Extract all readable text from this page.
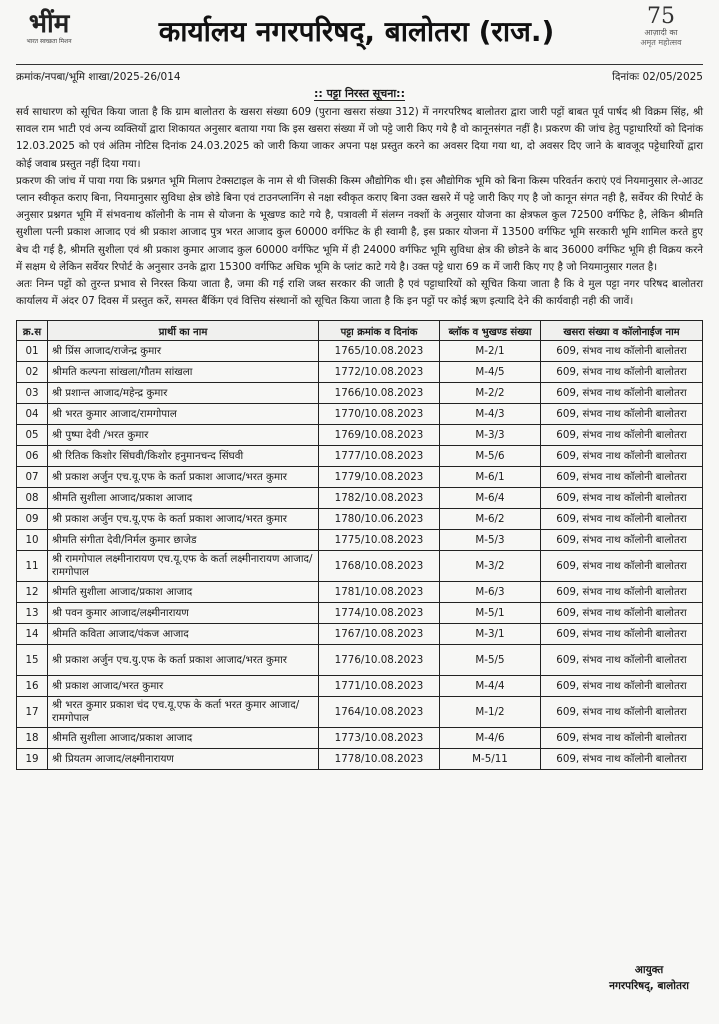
भींम
भारत स्वच्छता मिशन	कार्यालय नगरपरिषद्, बालोतरा (राज.)	75
आज़ादी का
अमृत महोत्सव
क्रमांक/नपबा/भूमि शाखा/2025-26/014	दिनांकः 02/05/2025
:: पट्टा निरस्त सूचना::

सर्व साधारण को सूचित किया जाता है कि ग्राम बालोतरा के खसरा संख्या 609 (पुराना खसरा संख्या 312) में नगरपरिषद बालोतरा द्वारा जारी पट्टों बाबत पूर्व पार्षद श्री विक्रम सिंह, श्री सावल राम भाटी एवं अन्य व्यक्तियों द्वारा शिकायत अनुसार बताया गया कि इस खसरा संख्या में जो पट्टे जारी किए गये है वो कानूनसंगत नहीं है। प्रकरण की जांच हेतु पट्टाधारियों को दिनांक 12.03.2025 को एवं अंतिम नोटिस दिनांक 24.03.2025 को जारी किया जाकर अपना पक्ष प्रस्तुत करने का अवसर दिया गया था, दो अवसर दिए जाने के बावजूद पट्टेधारियों द्वारा कोई जवाब प्रस्तुत नहीं दिया गया।

प्रकरण की जांच में पाया गया कि प्रश्नगत भूमि मिलाप टेक्सटाइल के नाम से थी जिसकी किस्म औद्योगिक थी। इस औद्योगिक भूमि को बिना किस्म परिवर्तन कराएं एवं नियमानुसार ले-आउट प्लान स्वीकृत कराए बिना, नियमानुसार सुविधा क्षेत्र छोडे बिना एवं टाउनप्लानिंग से नक्षा स्वीकृत कराए बिना उक्त खसरे में पट्टे जारी किए गए है जो कानून संगत नही है, सर्वेयर की रिपोर्ट के अनुसार प्रश्नगत भूमि में संभवनाथ कॉलोनी के नाम से योजना के भूखण्ड काटे गये है, पत्रावली में संलग्न नक्शों के अनुसार योजना का क्षेत्रफल कुल 72500 वर्गफिट है, लेकिन श्रीमति सुशीला पत्नी प्रकाश आजाद एवं श्री प्रकाश आजाद पुत्र भरत आजाद कुल 60000 वर्गफिट के ही स्वामी है, इस प्रकार योजना में 13500 वर्गफिट भूमि सरकारी भूमि शामिल करते हुए बेच दी गई है, श्रीमति सुशीला एवं श्री प्रकाश कुमार आजाद कुल 60000 वर्गफिट भूमि में ही 24000 वर्गफिट भूमि सुविधा क्षेत्र की छोडने के बाद 36000 वर्गफिट भूमि ही विक्रय करने में सक्षम थे लेकिन सर्वेयर रिपोर्ट के अनुसार उनके द्वारा 15300 वर्गफिट अधिक भूमि के प्लांट काटे गये है। उक्त पट्टे धारा 69 क में जारी किए गए है जो नियमानुसार गलत है।

अतः निम्न पट्टों को तुरन्त प्रभाव से निरस्त किया जाता है, जमा की गई राशि जब्त सरकार की जाती है एवं पट्टाधारियों को सूचित किया जाता है कि वे मुल पट्टा नगर परिषद बालोतरा कार्यालय में अंदर 07 दिवस में प्रस्तुत करें, समस्त बैंकिंग एवं वित्तिय संस्थानों को सूचित किया जाता है कि इन पट्टों पर कोई ऋण इत्यादि देने की कार्यवाही नही की जावें।

क्र.स	प्रार्थी का नाम	पट्टा क्रमांक व दिनांक	ब्लॉक व भुखण्ड संख्या	खसरा संख्या व कॉलोनाईज नाम
01	श्री प्रिंस आजाद/राजेन्द्र कुमार	1765/10.08.2023	M-2/1	609, संभव नाथ कॉलोनी बालोतरा
02	श्रीमति कल्पना सांखला/गौतम सांखला	1772/10.08.2023	M-4/5	609, संभव नाथ कॉलोनी बालोतरा
03	श्री प्रशान्त आजाद/महेन्द्र कुमार	1766/10.08.2023	M-2/2	609, संभव नाथ कॉलोनी बालोतरा
04	श्री भरत कुमार आजाद/रामगोपाल	1770/10.08.2023	M-4/3	609, संभव नाथ कॉलोनी बालोतरा
05	श्री पुष्पा देवी /भरत कुमार	1769/10.08.2023	M-3/3	609, संभव नाथ कॉलोनी बालोतरा
06	श्री रितिक किशोर सिंघवी/किशोर हनुमानचन्द सिंघवी	1777/10.08.2023	M-5/6	609, संभव नाथ कॉलोनी बालोतरा
07	श्री प्रकाश अर्जुन एच.यू.एफ के कर्ता प्रकाश आजाद/भरत कुमार	1779/10.08.2023	M-6/1	609, संभव नाथ कॉलोनी बालोतरा
08	श्रीमति सुशीला आजाद/प्रकाश आजाद	1782/10.08.2023	M-6/4	609, संभव नाथ कॉलोनी बालोतरा
09	श्री प्रकाश अर्जुन एच.यू.एफ के कर्ता प्रकाश आजाद/भरत कुमार	1780/10.06.2023	M-6/2	609, संभव नाथ कॉलोनी बालोतरा
10	श्रीमति संगीता देवी/निर्मल कुमार छाजेड	1775/10.08.2023	M-5/3	609, संभव नाथ कॉलोनी बालोतरा
11	श्री रामगोपाल लक्ष्मीनारायण एच.यू.एफ के कर्ता लक्ष्मीनारायण आजाद/रामगोपाल	1768/10.08.2023	M-3/2	609, संभव नाथ कॉलोनी बालोतरा
12	श्रीमति सुशीला आजाद/प्रकाश आजाद	1781/10.08.2023	M-6/3	609, संभव नाथ कॉलोनी बालोतरा
13	श्री पवन कुमार आजाद/लक्ष्मीनारायण	1774/10.08.2023	M-5/1	609, संभव नाथ कॉलोनी बालोतरा
14	श्रीमति कविता आजाद/पंकज आजाद	1767/10.08.2023	M-3/1	609, संभव नाथ कॉलोनी बालोतरा
15	श्री प्रकाश अर्जुन एच.यु.एफ के कर्ता प्रकाश आजाद/भरत कुमार	1776/10.08.2023	M-5/5	609, संभव नाथ कॉलोनी बालोतरा
16	श्री प्रकाश आजाद/भरत कुमार	1771/10.08.2023	M-4/4	609, संभव नाथ कॉलोनी बालोतरा
17	श्री भरत कुमार प्रकाश चंद एच.यू.एफ के कर्ता भरत कुमार आजाद/रामगोपाल	1764/10.08.2023	M-1/2	609, संभव नाथ कॉलोनी बालोतरा
18	श्रीमति सुशीला आजाद/प्रकाश आजाद	1773/10.08.2023	M-4/6	609, संभव नाथ कॉलोनी बालोतरा
19	श्री प्रियतम आजाद/लक्ष्मीनारायण	1778/10.08.2023	M-5/11	609, संभव नाथ कॉलोनी बालोतरा
आयुक्त
नगरपरिषद्, बालोतरा
